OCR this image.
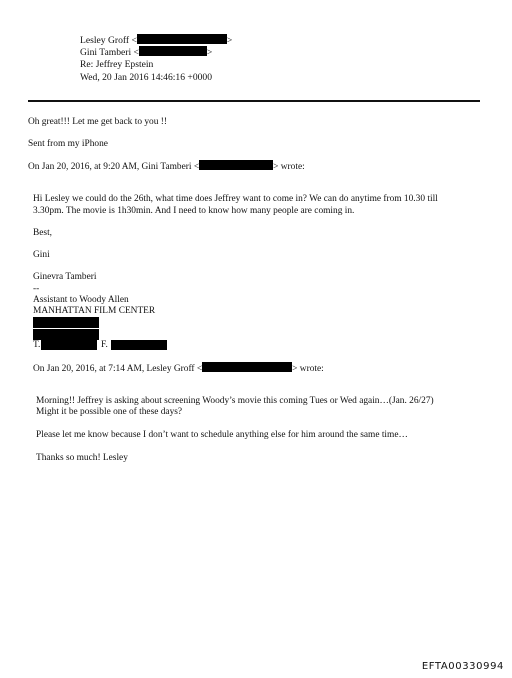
Lesley Groff <	>
Gini Tamberi <	>
Re: Jeffrey Epstein
Wed, 20 Jan 2016 14:46:16 +0000
Oh great!!! Let me get back to you !!
Sent from my iPhone
On Jan 20, 2016, at 9:20 AM, Gini Tamberi <	> wrote:
Hi Lesley we could do the 26th, what time does Jeffrey want to come in? We can do anytime from 10.30 till
3.30pm. The movie is 1h30min. And I need to know how many people are coming in.
Best,
Gini
Ginevra Tamberi
--
Assistant to Woody Allen
MANHATTAN FILM CENTER
T.	F.
On Jan 20, 2016, at 7:14 AM, Lesley Groff <	> wrote:
Morning!! Jeffrey is asking about screening Woody’s movie this coming Tues or Wed again…(Jan. 26/27)
Might it be possible one of these days?
Please let me know because I don’t want to schedule anything else for him around the same time…
Thanks so much! Lesley
EFTA00330994
